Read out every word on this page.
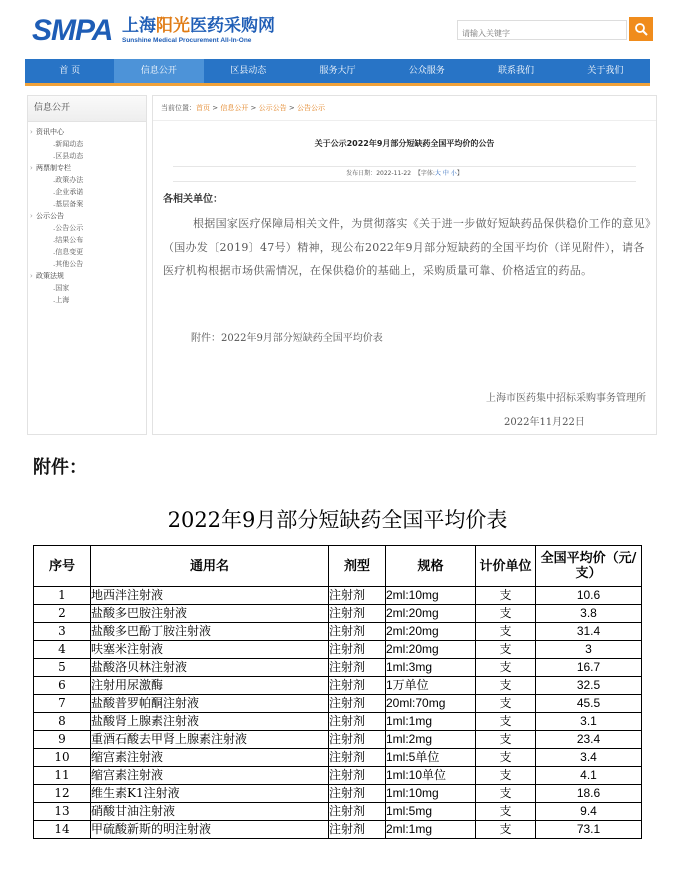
SMPA 上海阳光医药采购网
Sunshine Medical Procurement All-In-One
请输入关键字
首 页	信息公开	区县动态	服务大厅	公众服务	联系我们	关于我们
信息公开
› 资讯中心
.新闻动态
.区县动态
› 两票制专栏
.政策办法
.企业承诺
.基层备案
› 公示公告
.公告公示
.结果公布
.信息变更
.其他公告
› 政策法规
.国家
.上海
当前位置：首页 > 信息公开 > 公示公告 > 公告公示
关于公示2022年9月部分短缺药全国平均价的公告
发布日期：2022-11-22 【字体:大 中 小】
各相关单位：
根据国家医疗保障局相关文件，为贯彻落实《关于进一步做好短缺药品保供稳价工作的意见》（国办发〔2019〕47号）精神，现公布2022年9月部分短缺药的全国平均价（详见附件），请各医疗机构根据市场供需情况，在保供稳价的基础上，采购质量可靠、价格适宜的药品。
附件：2022年9月部分短缺药全国平均价表
上海市医药集中招标采购事务管理所
2022年11月22日
附件：
2022年9月部分短缺药全国平均价表
序号	通用名	剂型	规格	计价单位	全国平均价（元/支）
1	地西泮注射液	注射剂	2ml:10mg	支	10.6
2	盐酸多巴胺注射液	注射剂	2ml:20mg	支	3.8
3	盐酸多巴酚丁胺注射液	注射剂	2ml:20mg	支	31.4
4	呋塞米注射液	注射剂	2ml:20mg	支	3
5	盐酸洛贝林注射液	注射剂	1ml:3mg	支	16.7
6	注射用尿激酶	注射剂	1万单位	支	32.5
7	盐酸普罗帕酮注射液	注射剂	20ml:70mg	支	45.5
8	盐酸肾上腺素注射液	注射剂	1ml:1mg	支	3.1
9	重酒石酸去甲肾上腺素注射液	注射剂	1ml:2mg	支	23.4
10	缩宫素注射液	注射剂	1ml:5单位	支	3.4
11	缩宫素注射液	注射剂	1ml:10单位	支	4.1
12	维生素K1注射液	注射剂	1ml:10mg	支	18.6
13	硝酸甘油注射液	注射剂	1ml:5mg	支	9.4
14	甲硫酸新斯的明注射液	注射剂	2ml:1mg	支	73.1
